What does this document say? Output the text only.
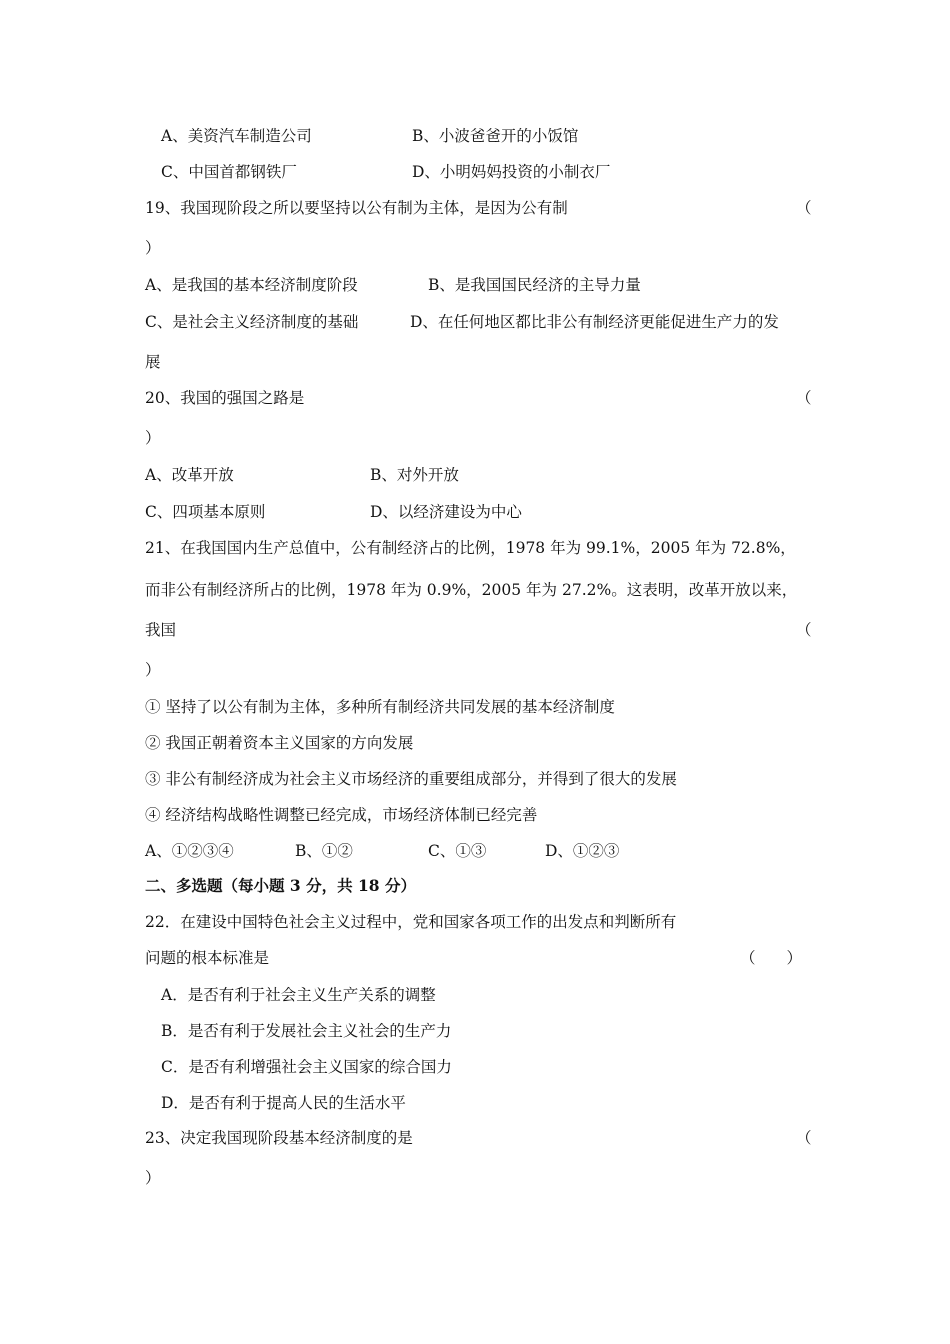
A、美资汽车制造公司	B、小波爸爸开的小饭馆
C、中国首都钢铁厂	D、小明妈妈投资的小制衣厂
19、我国现阶段之所以要坚持以公有制为主体，是因为公有制	（
）
A、是我国的基本经济制度阶段	B、是我国国民经济的主导力量
C、是社会主义经济制度的基础	D、在任何地区都比非公有制经济更能促进生产力的发
展
20、我国的强国之路是	（
）
A、改革开放	B、对外开放
C、四项基本原则	D、以经济建设为中心
21、在我国国内生产总值中，公有制经济占的比例，1978 年为 99.1%，2005 年为 72.8%，
而非公有制经济所占的比例，1978 年为 0.9%，2005 年为 27.2%。这表明，改革开放以来，
我国	（
）
① 坚持了以公有制为主体，多种所有制经济共同发展的基本经济制度
② 我国正朝着资本主义国家的方向发展
③ 非公有制经济成为社会主义市场经济的重要组成部分，并得到了很大的发展
④ 经济结构战略性调整已经完成，市场经济体制已经完善
A、①②③④	B、①②	C、①③	D、①②③
二、多选题（每小题 3 分，共 18 分）
22．在建设中国特色社会主义过程中，党和国家各项工作的出发点和判断所有
问题的根本标准是	（　　）
A．是否有利于社会主义生产关系的调整
B．是否有利于发展社会主义社会的生产力
C．是否有利增强社会主义国家的综合国力
D．是否有利于提高人民的生活水平
23、决定我国现阶段基本经济制度的是	（
）
